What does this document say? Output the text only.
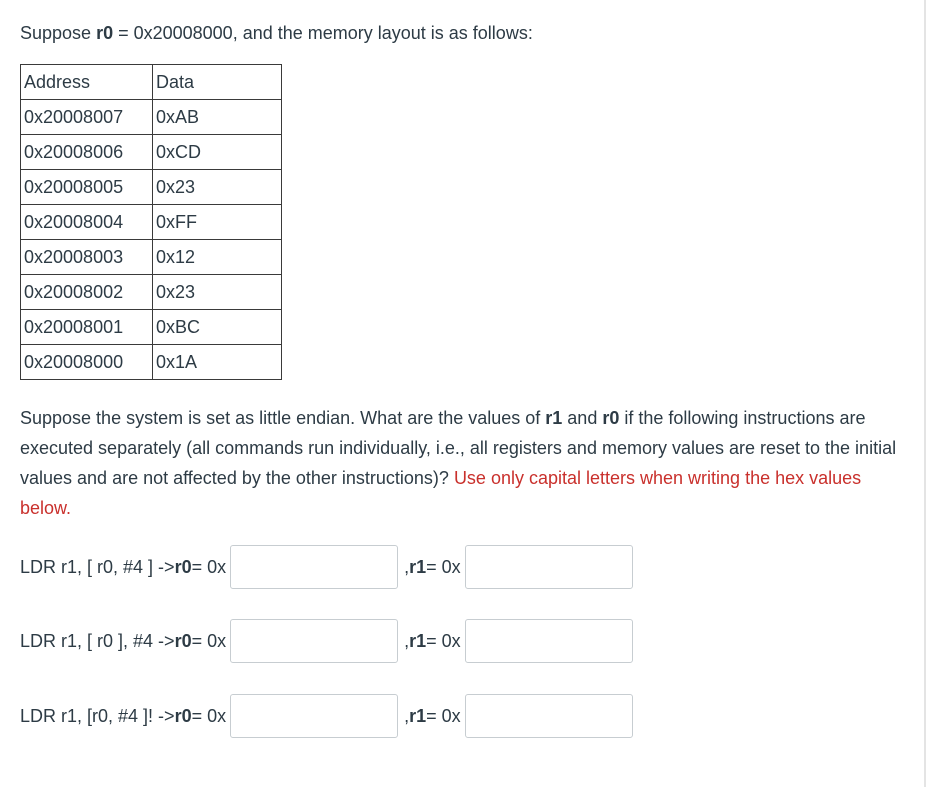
Suppose r0 = 0x20008000, and the memory layout is as follows:
Address	Data
0x20008007	0xAB
0x20008006	0xCD
0x20008005	0x23
0x20008004	0xFF
0x20008003	0x12
0x20008002	0x23
0x20008001	0xBC
0x20008000	0x1A
Suppose the system is set as little endian. What are the values of r1 and r0 if the following instructions are executed separately (all commands run individually, i.e., all registers and memory values are reset to the initial values and are not affected by the other instructions)? Use only capital letters when writing the hex values below.
LDR r1, [ r0, #4 ] -> r0 = 0x	, r1 = 0x
LDR r1, [ r0 ], #4 -> r0 = 0x	, r1 = 0x
LDR r1, [r0, #4 ]! -> r0 = 0x	, r1 = 0x
